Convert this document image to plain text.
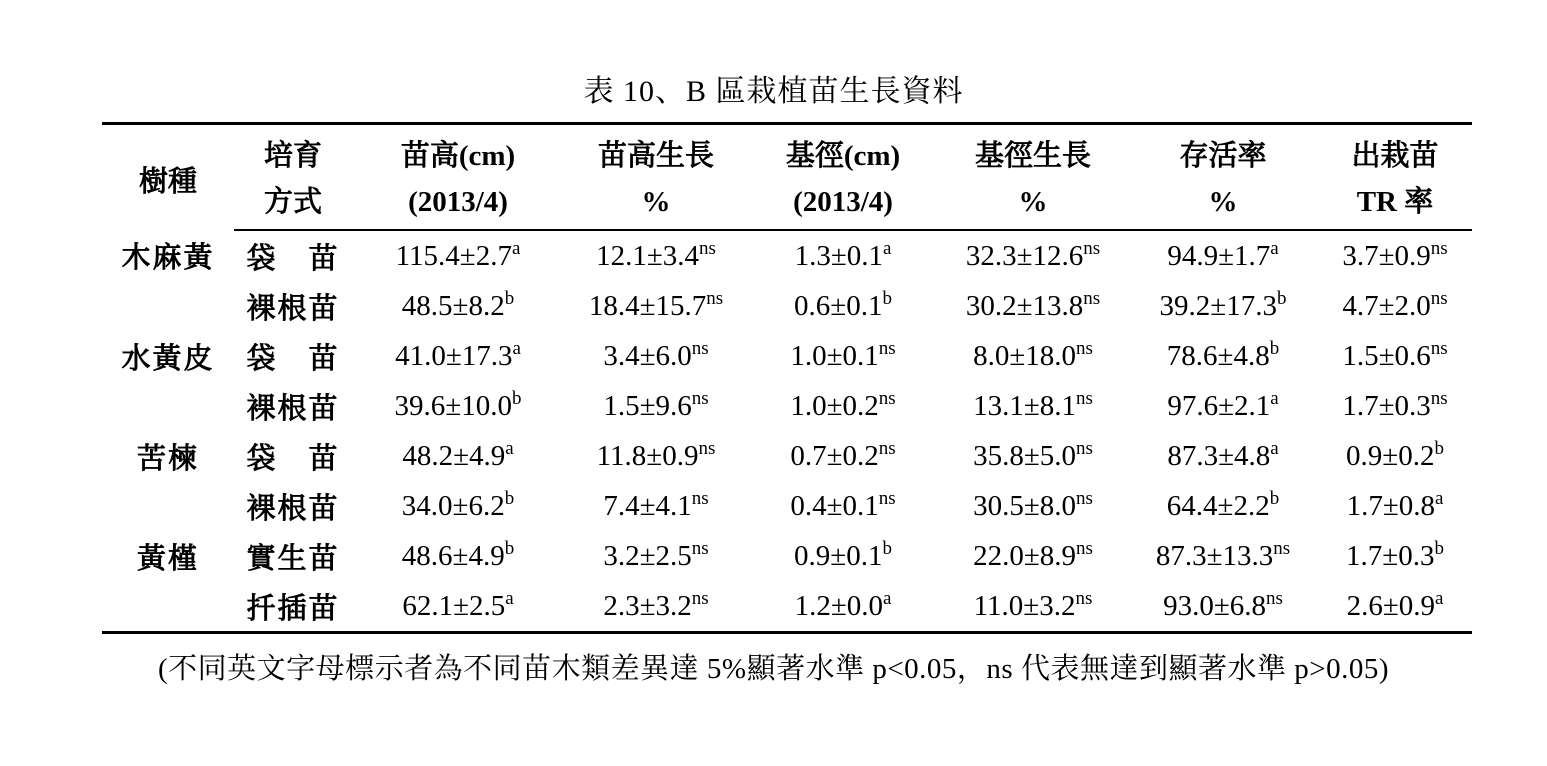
表 10、B 區栽植苗生長資料
樹種	培育	苗高(cm)	苗高生長	基徑(cm)	基徑生長	存活率	出栽苗
	方式	(2013/4)	%	(2013/4)	%	%	TR 率
木麻黃	袋　苗	115.4±2.7$^a$	$12.1\pm 3.4^{ns}$	1.3±0.1$^a$	$32.3\pm 12.6^{ns}$	94.9±1.7$^a$	$3.7\pm 0.9^{ns}$
	裸根苗	48.5±8.2$^b$	$18.4\pm 15.7^{ns}$	0.6±0.1$^b$	$30.2\pm 13.8^{ns}$	39.2±17.3$^b$	$4.7\pm 2.0^{ns}$
水黃皮	袋　苗	41.0±17.3$^a$	$3.4\pm 6.0^{ns}$	$1.0\pm 0.1^{ns}$	$8.0\pm 18.0^{ns}$	78.6±4.8$^b$	$1.5\pm 0.6^{ns}$
	裸根苗	39.6±10.0$^b$	$1.5\pm 9.6^{ns}$	$1.0\pm 0.2^{ns}$	$13.1\pm 8.1^{ns}$	97.6±2.1$^a$	$1.7\pm 0.3^{ns}$
苦楝	袋　苗	48.2±4.9$^a$	$11.8\pm 0.9^{ns}$	$0.7\pm 0.2^{ns}$	$35.8\pm 5.0^{ns}$	87.3±4.8$^a$	0.9±0.2$^b$
	裸根苗	34.0±6.2$^b$	$7.4\pm 4.1^{ns}$	$0.4\pm 0.1^{ns}$	$30.5\pm 8.0^{ns}$	64.4±2.2$^b$	1.7±0.8$^a$
黃槿	實生苗	48.6±4.9$^b$	$3.2\pm 2.5^{ns}$	0.9±0.1$^b$	$22.0\pm 8.9^{ns}$	$87.3\pm 13.3^{ns}$	1.7±0.3$^b$
	扦插苗	62.1±2.5$^a$	$2.3\pm 3.2^{ns}$	1.2±0.0$^a$	$11.0\pm 3.2^{ns}$	$93.0\pm 6.8^{ns}$	2.6±0.9$^a$
(不同英文字母標示者為不同苗木類差異達 5%顯著水準 p<0.05，ns 代表無達到顯著水準 p>0.05)
